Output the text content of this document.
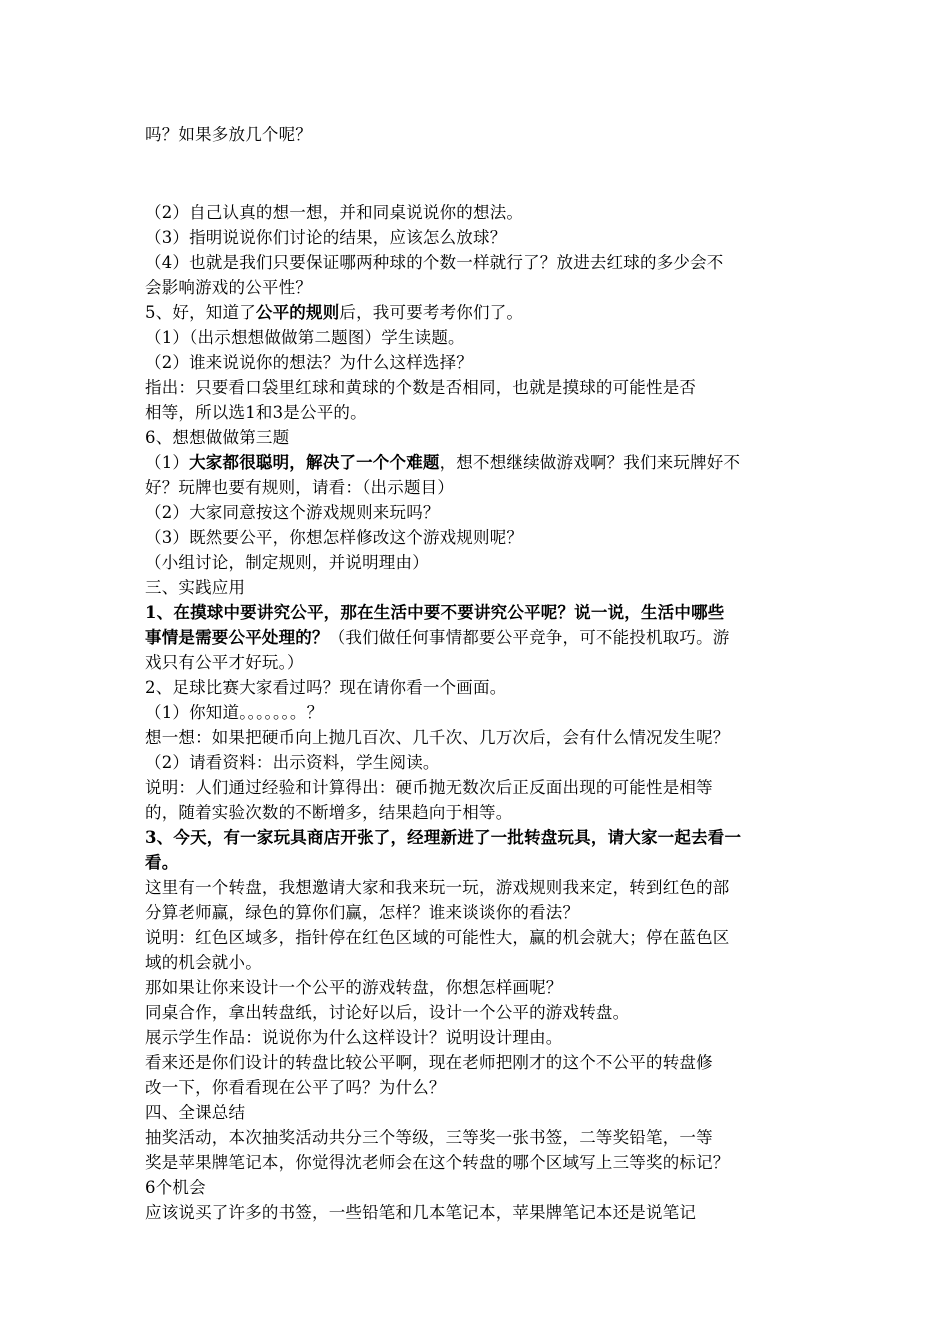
吗？如果多放几个呢？
（2）自己认真的想一想，并和同桌说说你的想法。
（3）指明说说你们讨论的结果，应该怎么放球？
（4）也就是我们只要保证哪两种球的个数一样就行了？放进去红球的多少会不
会影响游戏的公平性？
5、好，知道了公平的规则后，我可要考考你们了。
（1）（出示想想做做第二题图）学生读题。
（2）谁来说说你的想法？为什么这样选择？
指出：只要看口袋里红球和黄球的个数是否相同，也就是摸球的可能性是否
相等，所以选1和3是公平的。
6、想想做做第三题
（1）大家都很聪明，解决了一个个难题，想不想继续做游戏啊？我们来玩牌好不
好？玩牌也要有规则，请看：（出示题目）
（2）大家同意按这个游戏规则来玩吗？
（3）既然要公平，你想怎样修改这个游戏规则呢？
（小组讨论，制定规则，并说明理由）
三、实践应用
1、在摸球中要讲究公平，那在生活中要不要讲究公平呢？说一说，生活中哪些
事情是需要公平处理的？（我们做任何事情都要公平竞争，可不能投机取巧。游
戏只有公平才好玩。）
2、足球比赛大家看过吗？现在请你看一个画面。
（1）你知道。。。。。。。？
想一想：如果把硬币向上抛几百次、几千次、几万次后，会有什么情况发生呢？
（2）请看资料：出示资料，学生阅读。
说明：人们通过经验和计算得出：硬币抛无数次后正反面出现的可能性是相等
的，随着实验次数的不断增多，结果趋向于相等。
3、今天，有一家玩具商店开张了，经理新进了一批转盘玩具，请大家一起去看一
看。
这里有一个转盘，我想邀请大家和我来玩一玩，游戏规则我来定，转到红色的部
分算老师赢，绿色的算你们赢，怎样？谁来谈谈你的看法？
说明：红色区域多，指针停在红色区域的可能性大，赢的机会就大；停在蓝色区
域的机会就小。
那如果让你来设计一个公平的游戏转盘，你想怎样画呢？
同桌合作，拿出转盘纸，讨论好以后，设计一个公平的游戏转盘。
展示学生作品：说说你为什么这样设计？说明设计理由。
看来还是你们设计的转盘比较公平啊，现在老师把刚才的这个不公平的转盘修
改一下，你看看现在公平了吗？为什么？
四、全课总结
抽奖活动，本次抽奖活动共分三个等级，三等奖一张书签，二等奖铅笔，一等
奖是苹果牌笔记本，你觉得沈老师会在这个转盘的哪个区域写上三等奖的标记？
6个机会
应该说买了许多的书签，一些铅笔和几本笔记本，苹果牌笔记本还是说笔记
